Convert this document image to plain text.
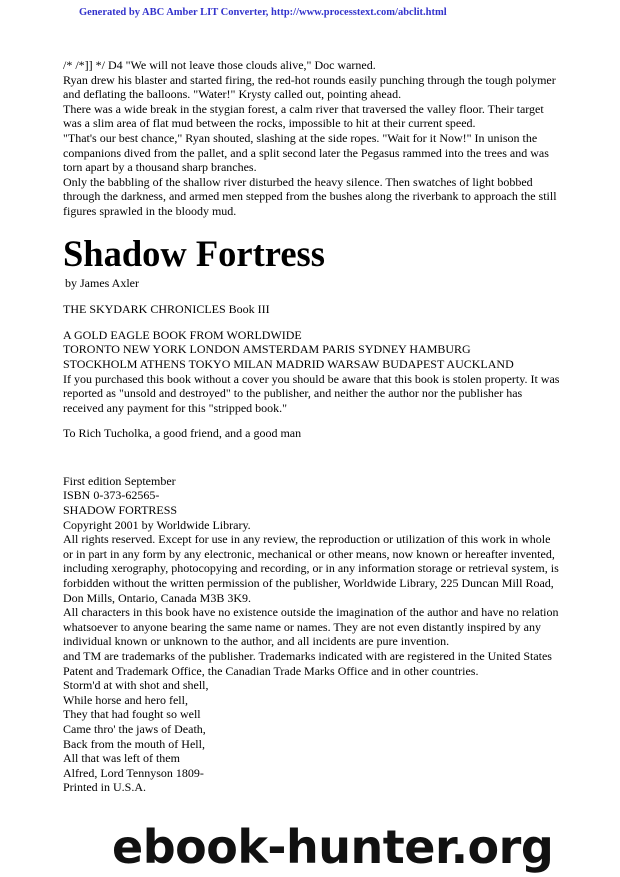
Generated by ABC Amber LIT Converter, http://www.processtext.com/abclit.html

/* /*]] */ D4 "We will not leave those clouds alive," Doc warned.

Ryan drew his blaster and started firing, the red-hot rounds easily punching through the tough polymer and deflating the balloons. "Water!" Krysty called out, pointing ahead.

There was a wide break in the stygian forest, a calm river that traversed the valley floor. Their target was a slim area of flat mud between the rocks, impossible to hit at their current speed.

"That's our best chance," Ryan shouted, slashing at the side ropes. "Wait for it Now!" In unison the companions dived from the pallet, and a split second later the Pegasus rammed into the trees and was torn apart by a thousand sharp branches.

Only the babbling of the shallow river disturbed the heavy silence. Then swatches of light bobbed through the darkness, and armed men stepped from the bushes along the riverbank to approach the still figures sprawled in the bloody mud.

Shadow Fortress

by James Axler

THE SKYDARK CHRONICLES Book III

A GOLD EAGLE BOOK FROM WORLDWIDE

TORONTO NEW YORK LONDON AMSTERDAM PARIS SYDNEY HAMBURG

STOCKHOLM ATHENS TOKYO MILAN MADRID WARSAW BUDAPEST AUCKLAND

If you purchased this book without a cover you should be aware that this book is stolen property. It was reported as "unsold and destroyed" to the publisher, and neither the author nor the publisher has received any payment for this "stripped book."

To Rich Tucholka, a good friend, and a good man

First edition September

ISBN 0-373-62565-

SHADOW FORTRESS

Copyright 2001 by Worldwide Library.

All rights reserved. Except for use in any review, the reproduction or utilization of this work in whole or in part in any form by any electronic, mechanical or other means, now known or hereafter invented, including xerography, photocopying and recording, or in any information storage or retrieval system, is forbidden without the written permission of the publisher, Worldwide Library, 225 Duncan Mill Road, Don Mills, Ontario, Canada M3B 3K9.

All characters in this book have no existence outside the imagination of the author and have no relation whatsoever to anyone bearing the same name or names. They are not even distantly inspired by any individual known or unknown to the author, and all incidents are pure invention.

and TM are trademarks of the publisher. Trademarks indicated with are registered in the United States Patent and Trademark Office, the Canadian Trade Marks Office and in other countries.

Storm'd at with shot and shell,

While horse and hero fell,

They that had fought so well

Came thro' the jaws of Death,

Back from the mouth of Hell,

All that was left of them

Alfred, Lord Tennyson 1809-

Printed in U.S.A.

ebook-hunter.org
